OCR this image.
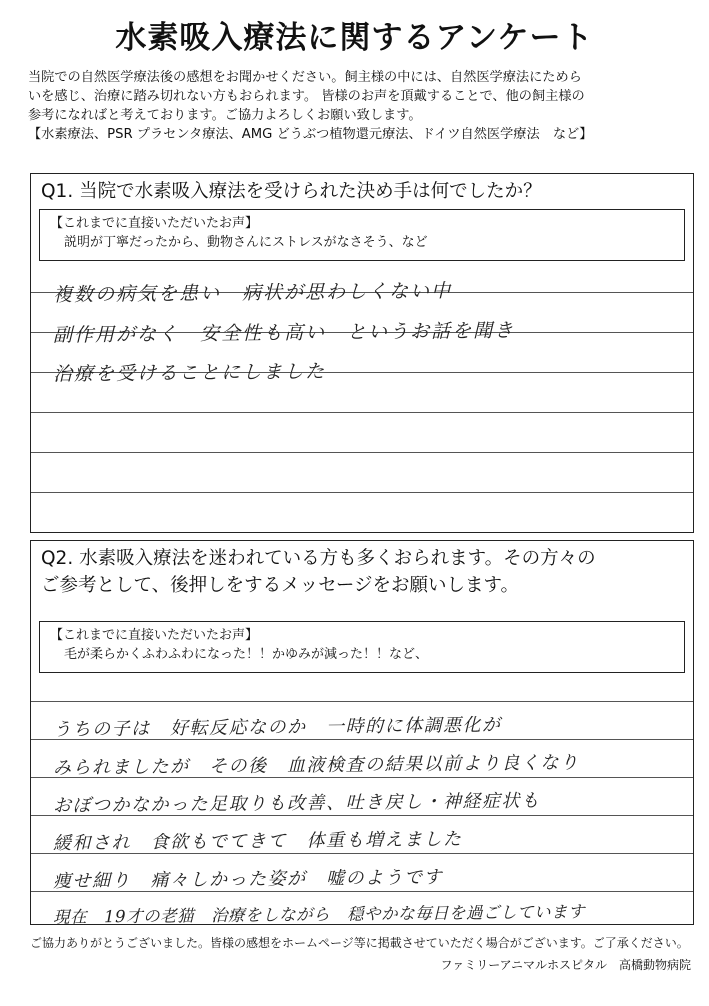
水素吸入療法に関するアンケート

当院での自然医学療法後の感想をお聞かせください。飼主様の中には、自然医学療法にためら

いを感じ、治療に踏み切れない方もおられます。 皆様のお声を頂戴することで、他の飼主様の

参考になればと考えております。ご協力よろしくお願い致します。

【水素療法、PSR プラセンタ療法、AMG どうぶつ植物還元療法、ドイツ自然医学療法　など】

Q1. 当院で水素吸入療法を受けられた決め手は何でしたか？

【これまでに直接いただいたお声】

説明が丁寧だったから、動物さんにストレスがなさそう、など

複数の病気を患い　病状が思わしくない中
副作用がなく　安全性も高い　というお話を聞き
治療を受けることにしました

Q2. 水素吸入療法を迷われている方も多くおられます。その方々の
ご参考として、後押しをするメッセージをお願いします。

【これまでに直接いただいたお声】

毛が柔らかくふわふわになった！！かゆみが減った！！など、

うちの子は　好転反応なのか　一時的に体調悪化が
みられましたが　その後　血液検査の結果以前より良くなり
おぼつかなかった足取りも改善、吐き戻し・神経症状も
緩和され　食欲もでてきて　体重も増えました
痩せ細り　痛々しかった姿が　嘘のようです
現在　19才の老猫　治療をしながら　穏やかな毎日を過ごしています

ご協力ありがとうございました。皆様の感想をホームページ等に掲載させていただく場合がございます。ご了承ください。

ファミリーアニマルホスピタル　高橋動物病院
